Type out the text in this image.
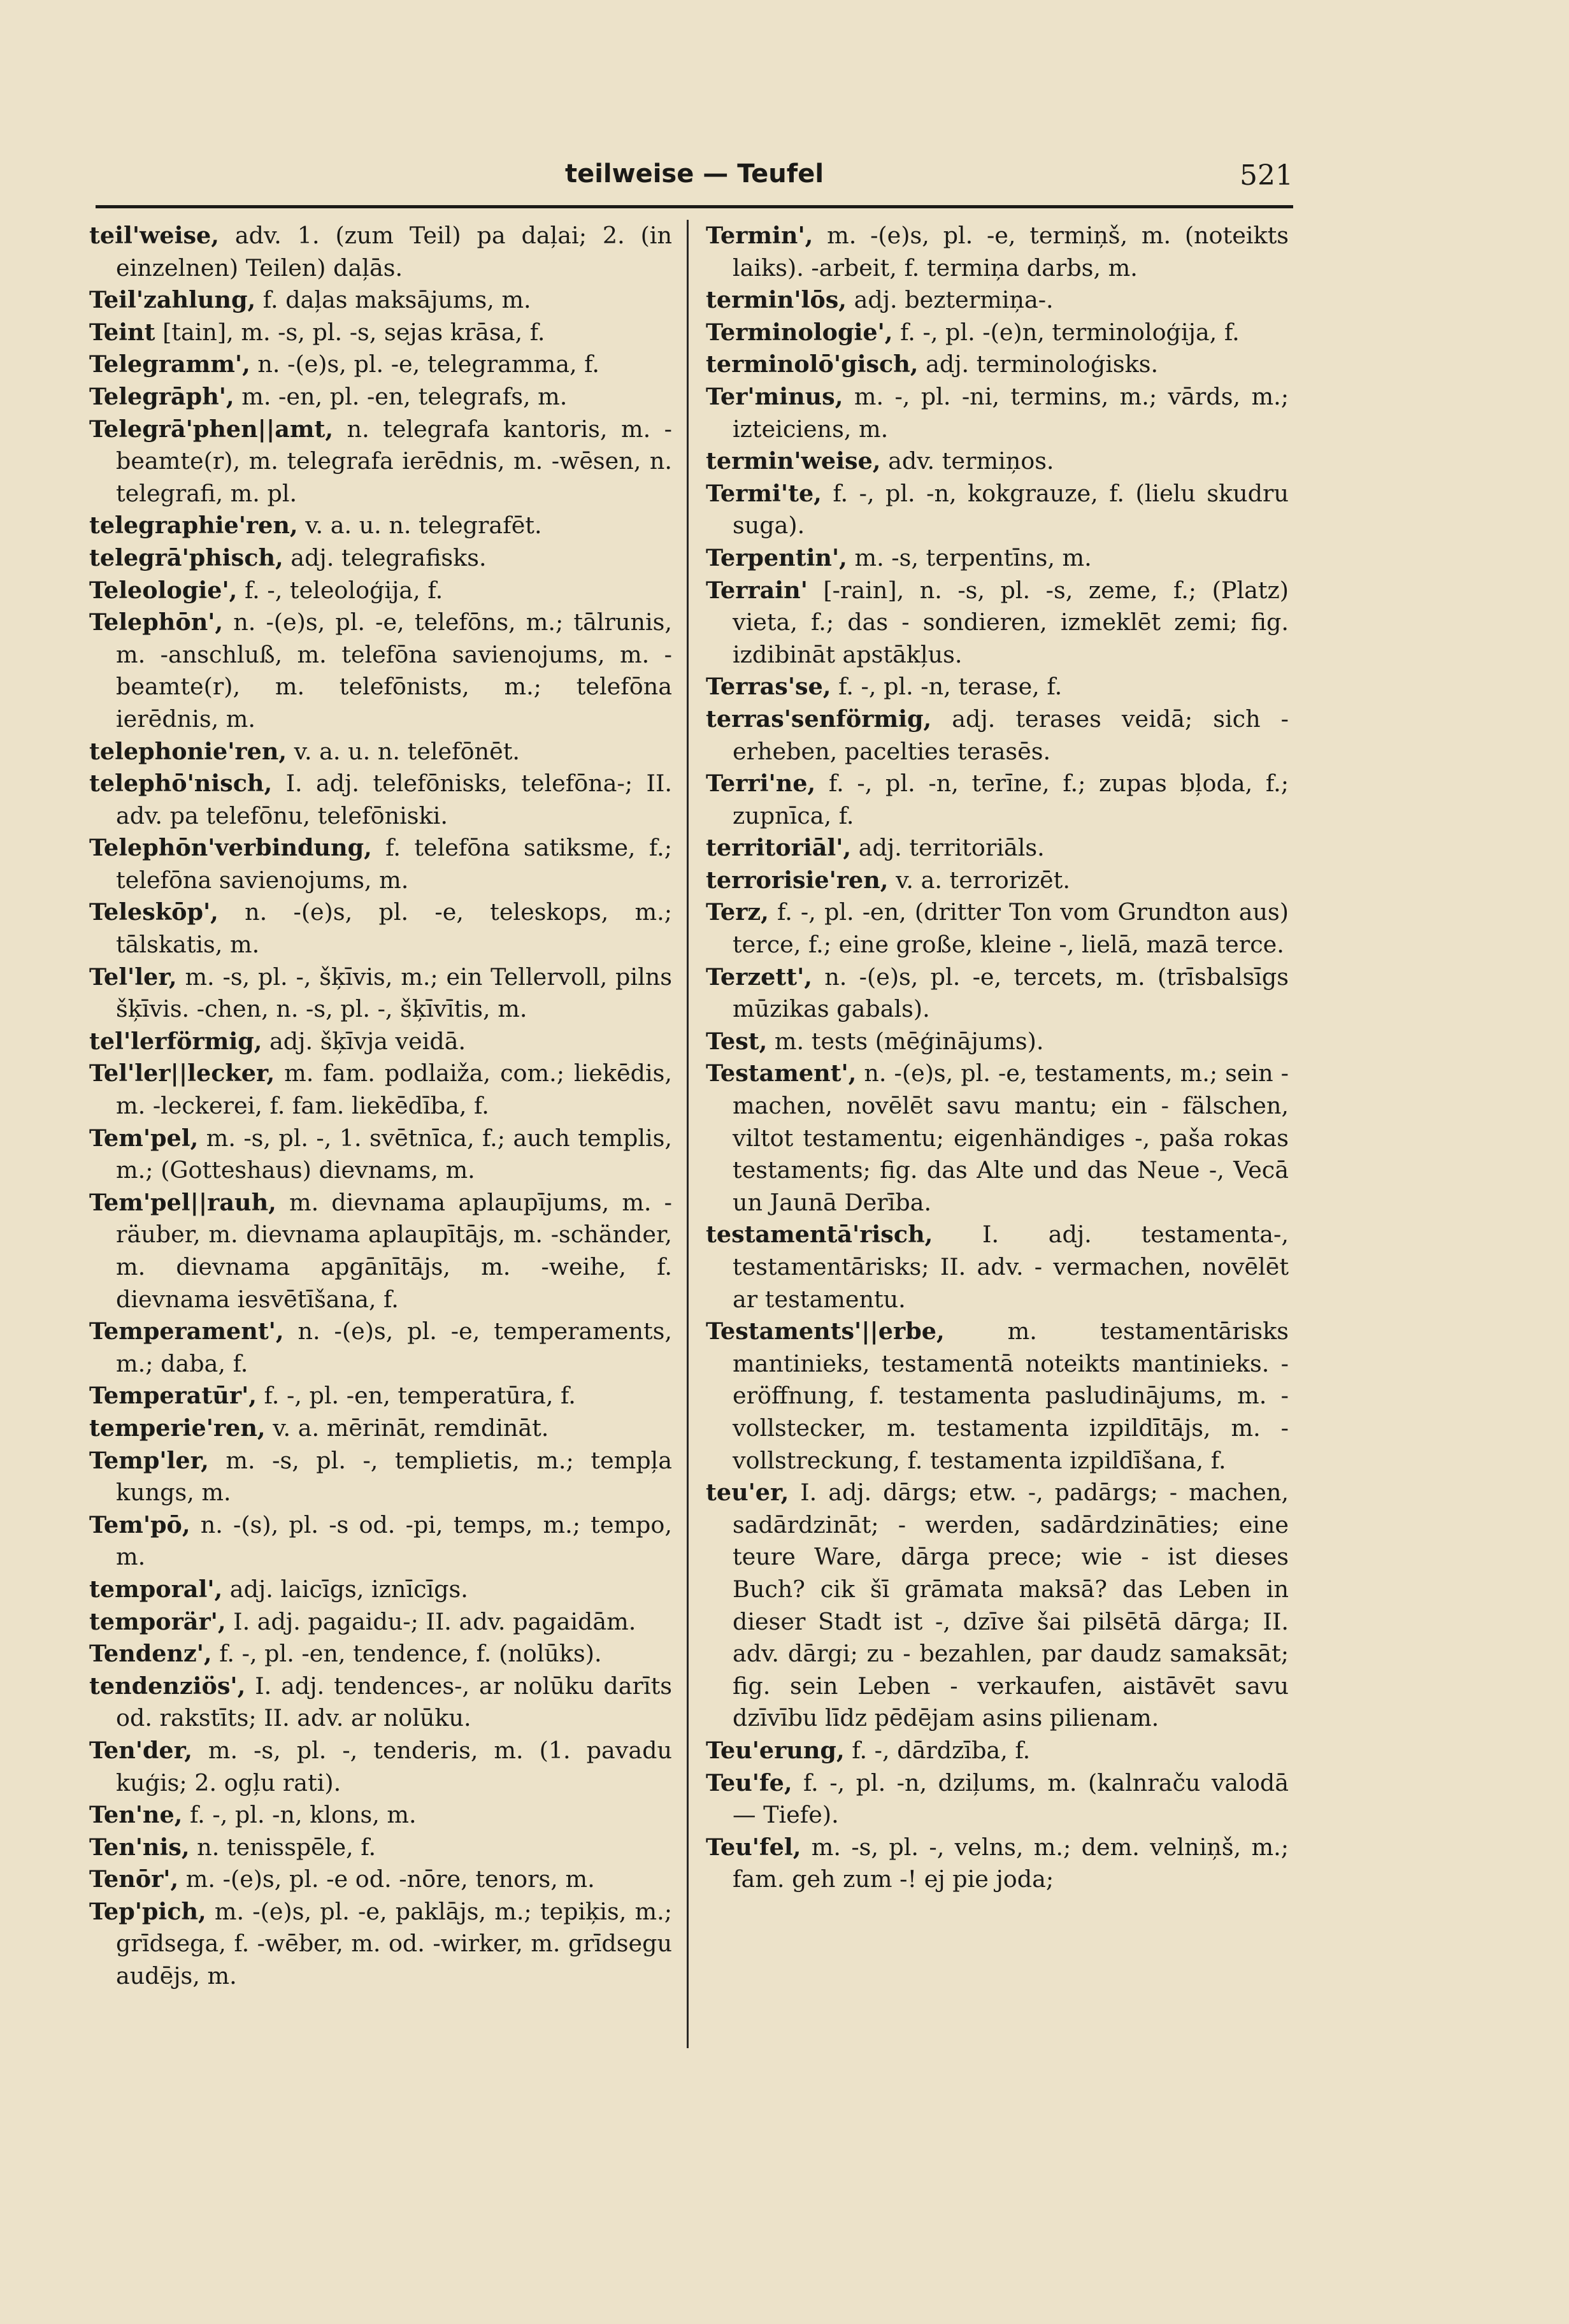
teilweise — Teufel	521

teil'weise, adv. 1. (zum Teil) pa daļai; 2. (in einzelnen) Teilen) daļās.

Teil'zahlung, f. daļas maksājums, m.

Teint [tain], m. -s, pl. -s, sejas krāsa, f.

Telegramm', n. -(e)s, pl. -e, telegramma, f.

Telegrāph', m. -en, pl. -en, telegrafs, m.

Telegrā'phen||amt, n. telegrafa kantoris, m. -beamte(r), m. telegrafa ierēdnis, m. -wēsen, n. telegrafi, m. pl.

telegraphie'ren, v. a. u. n. telegrafēt.

telegrā'phisch, adj. telegrafisks.

Teleologie', f. -, teleoloģija, f.

Telephōn', n. -(e)s, pl. -e, telefōns, m.; tālrunis, m. -anschluß, m. telefōna savienojums, m. -beamte(r), m. telefōnists, m.; telefōna ierēdnis, m.

telephonie'ren, v. a. u. n. telefōnēt.

telephō'nisch, I. adj. telefōnisks, telefōna-; II. adv. pa telefōnu, telefōniski.

Telephōn'verbindung, f. telefōna satiksme, f.; telefōna savienojums, m.

Teleskōp', n. -(e)s, pl. -e, teleskops, m.; tālskatis, m.

Tel'ler, m. -s, pl. -, šķīvis, m.; ein Tellervoll, pilns šķīvis. -chen, n. -s, pl. -, šķīvītis, m.

tel'lerförmig, adj. šķīvja veidā.

Tel'ler||lecker, m. fam. podlaiža, com.; liekēdis, m. -leckerei, f. fam. liekēdība, f.

Tem'pel, m. -s, pl. -, 1. svētnīca, f.; auch templis, m.; (Gotteshaus) dievnams, m.

Tem'pel||rauh, m. dievnama aplaupījums, m. -räuber, m. dievnama aplaupītājs, m. -schänder, m. dievnama apgānītājs, m. -weihe, f. dievnama iesvētīšana, f.

Temperament', n. -(e)s, pl. -e, temperaments, m.; daba, f.

Temperatūr', f. -, pl. -en, temperatūra, f.

temperie'ren, v. a. mērināt, remdināt.

Temp'ler, m. -s, pl. -, templietis, m.; tempļa kungs, m.

Tem'pō, n. -(s), pl. -s od. -pi, temps, m.; tempo, m.

temporal', adj. laicīgs, iznīcīgs.

temporär', I. adj. pagaidu-; II. adv. pagaidām.

Tendenz', f. -, pl. -en, tendence, f. (nolūks).

tendenziös', I. adj. tendences-, ar nolūku darīts od. rakstīts; II. adv. ar nolūku.

Ten'der, m. -s, pl. -, tenderis, m. (1. pavadu kuģis; 2. ogļu rati).

Ten'ne, f. -, pl. -n, klons, m.

Ten'nis, n. tenisspēle, f.

Tenōr', m. -(e)s, pl. -e od. -nōre, tenors, m.

Tep'pich, m. -(e)s, pl. -e, paklājs, m.; tepiķis, m.; grīdsega, f. -wēber, m. od. -wirker, m. grīdsegu audējs, m.

Termin', m. -(e)s, pl. -e, termiņš, m. (noteikts laiks). -arbeit, f. termiņa darbs, m.

termin'lōs, adj. beztermiņa-.

Terminologie', f. -, pl. -(e)n, terminoloģija, f.

terminolō'gisch, adj. terminoloģisks.

Ter'minus, m. -, pl. -ni, termins, m.; vārds, m.; izteiciens, m.

termin'weise, adv. termiņos.

Termi'te, f. -, pl. -n, kokgrauze, f. (lielu skudru suga).

Terpentin', m. -s, terpentīns, m.

Terrain' [-rain], n. -s, pl. -s, zeme, f.; (Platz) vieta, f.; das - sondieren, izmeklēt zemi; fig. izdibināt apstākļus.

Terras'se, f. -, pl. -n, terase, f.

terras'senförmig, adj. terases veidā; sich - erheben, pacelties terasēs.

Terri'ne, f. -, pl. -n, terīne, f.; zupas bļoda, f.; zupnīca, f.

territoriāl', adj. territoriāls.

terrorisie'ren, v. a. terrorizēt.

Terz, f. -, pl. -en, (dritter Ton vom Grundton aus) terce, f.; eine große, kleine -, lielā, mazā terce.

Terzett', n. -(e)s, pl. -e, tercets, m. (trīsbalsīgs mūzikas gabals).

Test, m. tests (mēģinājums).

Testament', n. -(e)s, pl. -e, testaments, m.; sein - machen, novēlēt savu mantu; ein - fälschen, viltot testamentu; eigenhändiges -, paša rokas testaments; fig. das Alte und das Neue -, Vecā un Jaunā Derība.

testamentā'risch, I. adj. testamenta-, testamentārisks; II. adv. - vermachen, novēlēt ar testamentu.

Testaments'||erbe, m. testamentārisks mantinieks, testamentā noteikts mantinieks. -eröffnung, f. testamenta pasludinājums, m. -vollstecker, m. testamenta izpildītājs, m. -vollstreckung, f. testamenta izpildīšana, f.

teu'er, I. adj. dārgs; etw. -, padārgs; - machen, sadārdzināt; - werden, sadārdzināties; eine teure Ware, dārga prece; wie - ist dieses Buch? cik šī grāmata maksā? das Leben in dieser Stadt ist -, dzīve šai pilsētā dārga; II. adv. dārgi; zu - bezahlen, par daudz samaksāt; fig. sein Leben - verkaufen, aistāvēt savu dzīvību līdz pēdējam asins pilienam.

Teu'erung, f. -, dārdzība, f.

Teu'fe, f. -, pl. -n, dziļums, m. (kalnraču valodā — Tiefe).

Teu'fel, m. -s, pl. -, velns, m.; dem. velniņš, m.; fam. geh zum -! ej pie joda;
